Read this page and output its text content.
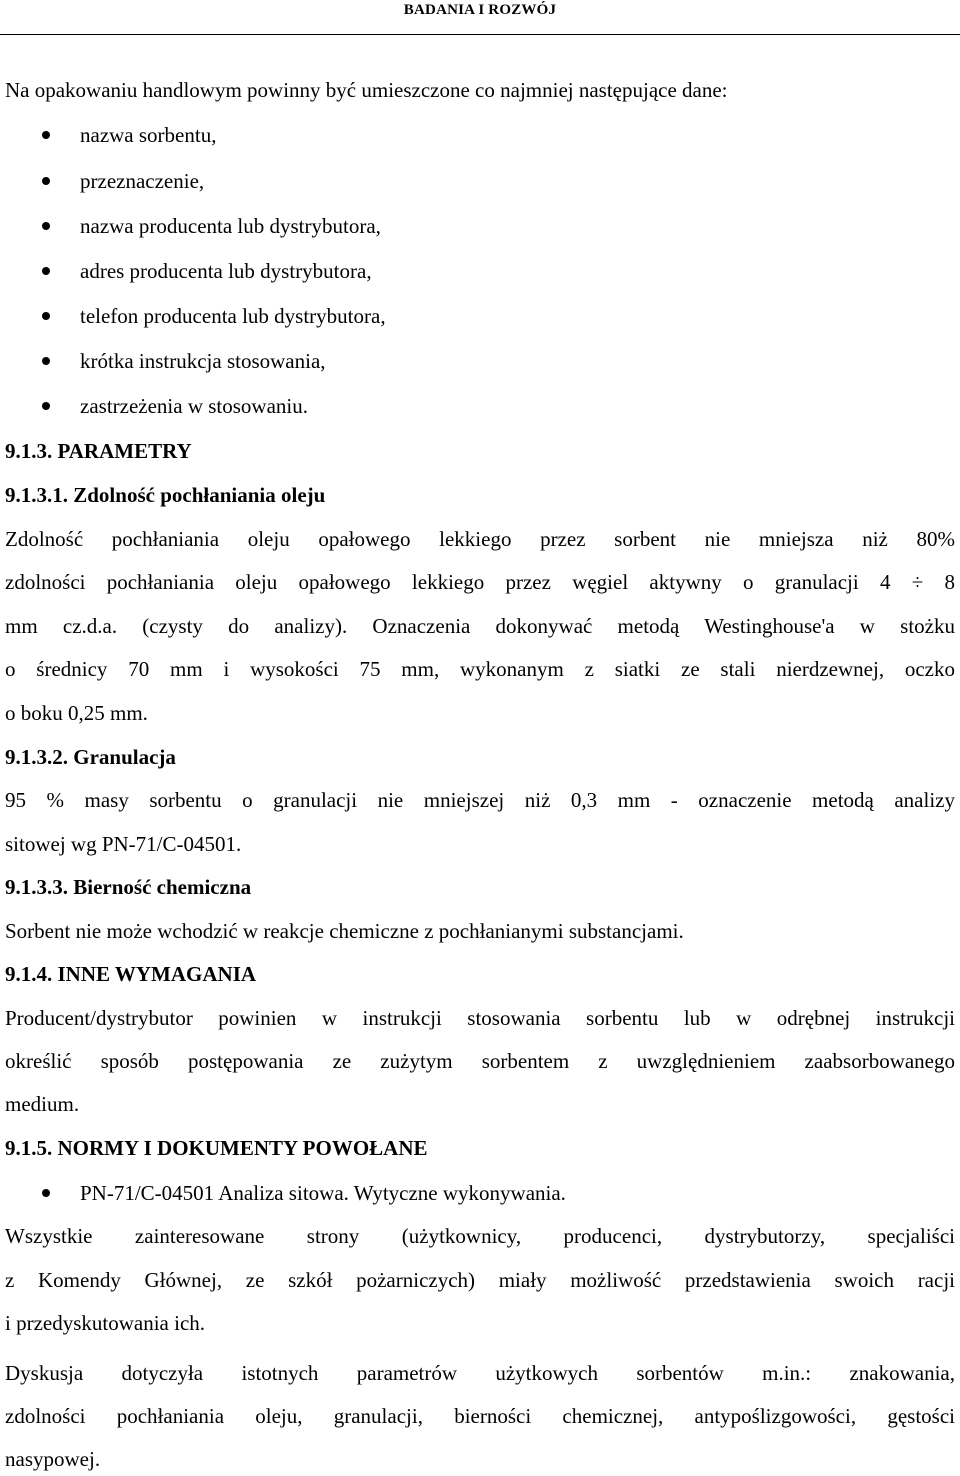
BADANIA I ROZWÓJ
Na opakowaniu handlowym powinny być umieszczone co najmniej następujące dane:
nazwa sorbentu,
przeznaczenie,
nazwa producenta lub dystrybutora,
adres producenta lub dystrybutora,
telefon producenta lub dystrybutora,
krótka instrukcja stosowania,
zastrzeżenia w stosowaniu.
9.1.3. PARAMETRY
9.1.3.1. Zdolność pochłaniania oleju
Zdolność pochłaniania oleju opałowego lekkiego przez sorbent nie mniejsza niż 80%
zdolności pochłaniania oleju opałowego lekkiego przez węgiel aktywny o granulacji 4 ÷ 8
mm cz.d.a. (czysty do analizy). Oznaczenia dokonywać metodą Westinghouse'a w stożku
o średnicy 70 mm i wysokości 75 mm, wykonanym z siatki ze stali nierdzewnej, oczko
o boku 0,25 mm.
9.1.3.2. Granulacja
95 % masy sorbentu o granulacji nie mniejszej niż 0,3 mm - oznaczenie metodą analizy
sitowej wg PN-71/C-04501.
9.1.3.3. Bierność chemiczna
Sorbent nie może wchodzić w reakcje chemiczne z pochłanianymi substancjami.
9.1.4. INNE WYMAGANIA
Producent/dystrybutor powinien w instrukcji stosowania sorbentu lub w odrębnej instrukcji
określić sposób postępowania ze zużytym sorbentem z uwzględnieniem zaabsorbowanego
medium.
9.1.5. NORMY I DOKUMENTY POWOŁANE
PN-71/C-04501 Analiza sitowa. Wytyczne wykonywania.
Wszystkie zainteresowane strony (użytkownicy, producenci, dystrybutorzy, specjaliści
z Komendy Głównej, ze szkół pożarniczych) miały możliwość przedstawienia swoich racji
i przedyskutowania ich.
Dyskusja dotyczyła istotnych parametrów użytkowych sorbentów m.in.: znakowania,
zdolności pochłaniania oleju, granulacji, bierności chemicznej, antypoślizgowości, gęstości
nasypowej.
